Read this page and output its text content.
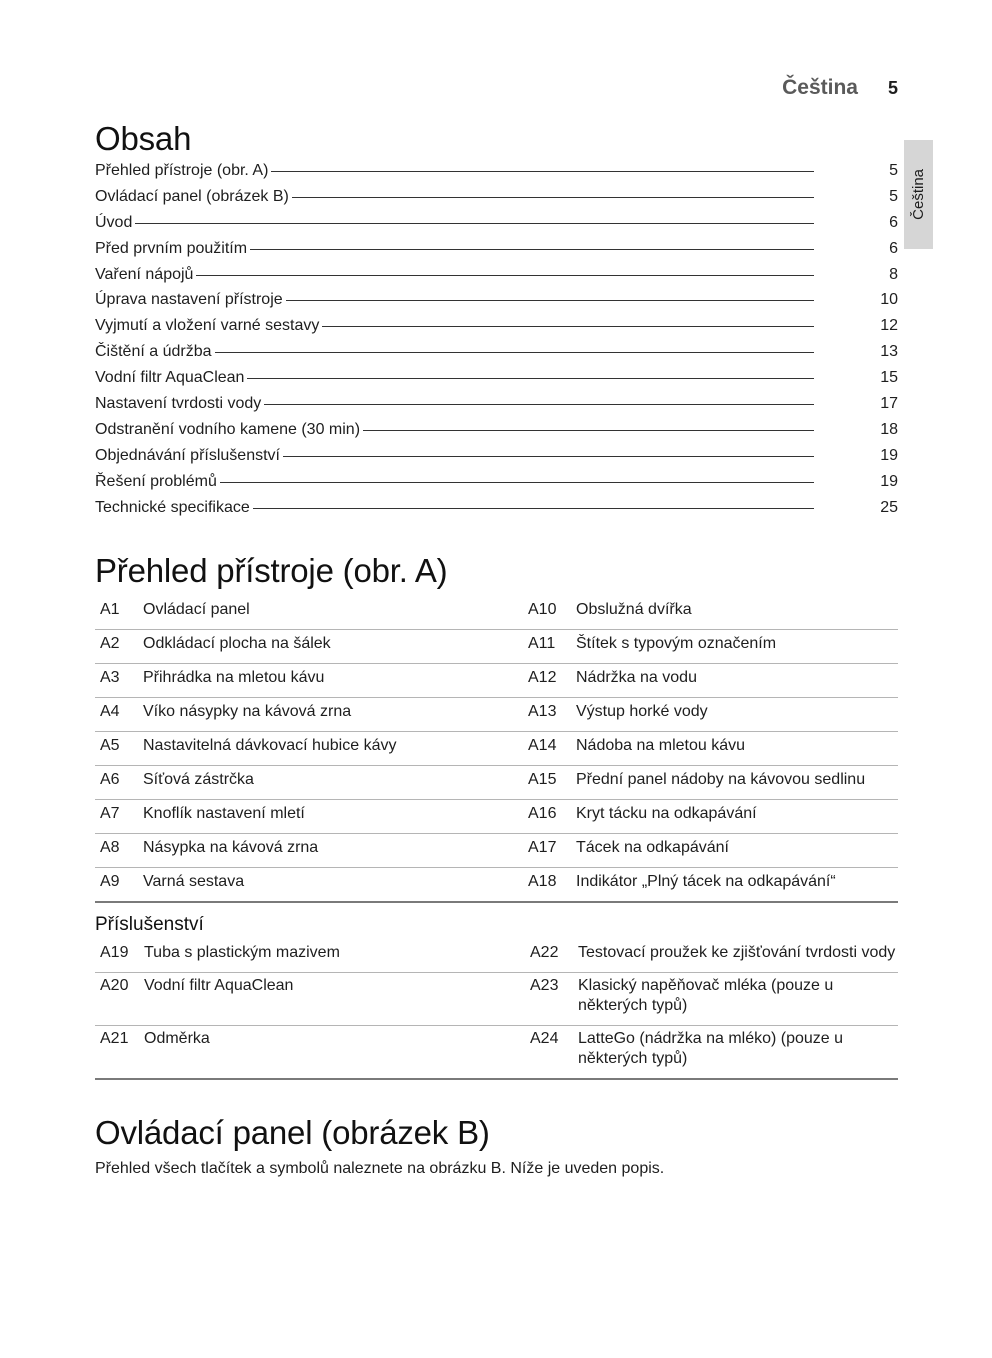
Čeština 5
Čeština
Obsah
Přehled přístroje (obr. A)	5
Ovládací panel (obrázek B)	5
Úvod	6
Před prvním použitím	6
Vaření nápojů	8
Úprava nastavení přístroje	10
Vyjmutí a vložení varné sestavy	12
Čištění a údržba	13
Vodní filtr AquaClean	15
Nastavení tvrdosti vody	17
Odstranění vodního kamene (30 min)	18
Objednávání příslušenství	19
Řešení problémů	19
Technické specifikace	25
Přehled přístroje (obr. A)
A1	Ovládací panel	A10	Obslužná dvířka
A2	Odkládací plocha na šálek	A11	Štítek s typovým označením
A3	Přihrádka na mletou kávu	A12	Nádržka na vodu
A4	Víko násypky na kávová zrna	A13	Výstup horké vody
A5	Nastavitelná dávkovací hubice kávy	A14	Nádoba na mletou kávu
A6	Síťová zástrčka	A15	Přední panel nádoby na kávovou sedlinu
A7	Knoflík nastavení mletí	A16	Kryt tácku na odkapávání
A8	Násypka na kávová zrna	A17	Tácek na odkapávání
A9	Varná sestava	A18	Indikátor „Plný tácek na odkapávání“
Příslušenství
A19	Tuba s plastickým mazivem	A22	Testovací proužek ke zjišťování tvrdosti vody
A20	Vodní filtr AquaClean	A23	Klasický napěňovač mléka (pouze u některých typů)
A21	Odměrka	A24	LatteGo (nádržka na mléko) (pouze u některých typů)
Ovládací panel (obrázek B)

Přehled všech tlačítek a symbolů naleznete na obrázku B. Níže je uveden popis.
